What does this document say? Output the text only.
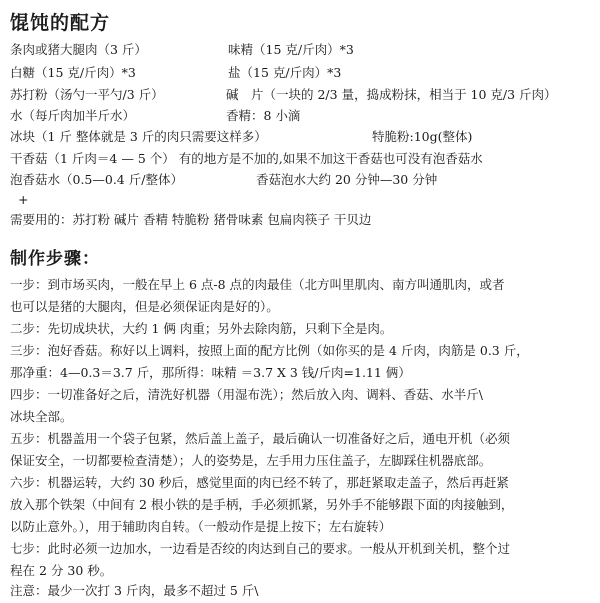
馄饨的配方
条肉或猪大腿肉（3 斤）	味精（15 克/斤肉）*3
白糖（15 克/斤肉）*3	盐（15 克/斤肉）*3
苏打粉（汤勺一平勺/3 斤）	碱　片（一块的 2/3 量，捣成粉抹，相当于 10 克/3 斤肉）
水（每斤肉加半斤水）	香精：8 小滴
冰块（1 斤 整体就是 3 斤的肉只需要这样多）	特脆粉:10g(整体)
干香菇（1 斤肉＝4 — 5 个） 有的地方是不加的,如果不加这干香菇也可没有泡香菇水
泡香菇水（0.5—0.4 斤/整体）	香菇泡水大约 20 分钟—30 分钟
+
需要用的：苏打粉 碱片 香精 特脆粉 猪骨味素 包扁肉筷子 干贝边
制作步骤：
一步：到市场买肉，一般在早上 6 点-8 点的肉最佳（北方叫里肌肉、南方叫通肌肉，或者
也可以是猪的大腿肉，但是必须保证肉是好的）。
二步：先切成块状，大约 1 俩 肉重；另外去除肉筋，只剩下全是肉。
三步：泡好香菇。称好以上调料，按照上面的配方比例（如你买的是 4 斤肉，肉筋是 0.3 斤，
那净重：4—0.3＝3.7 斤，那所得：味精 ＝3.7 X 3 钱/斤肉=1.11 俩）
四步：一切准备好之后，清洗好机器（用湿布洗）；然后放入肉、调料、香菇、水半斤\
冰块全部。
五步：机器盖用一个袋子包紧，然后盖上盖子，最后确认一切准备好之后，通电开机（必须
保证安全，一切都要检查清楚）；人的姿势是，左手用力压住盖子，左脚踩住机器底部。
六步：机器运转，大约 30 秒后，感觉里面的肉已经不转了，那赶紧取走盖子，然后再赶紧
放入那个铁架（中间有 2 根小铁的是手柄，手必须抓紧，另外手不能够跟下面的肉接触到，
以防止意外。），用于辅助肉自转。（一般动作是提上按下；左右旋转）
七步：此时必须一边加水，一边看是否绞的肉达到自己的要求。一般从开机到关机，整个过
程在 2 分 30 秒。
注意：最少一次打 3 斤肉，最多不超过 5 斤\
